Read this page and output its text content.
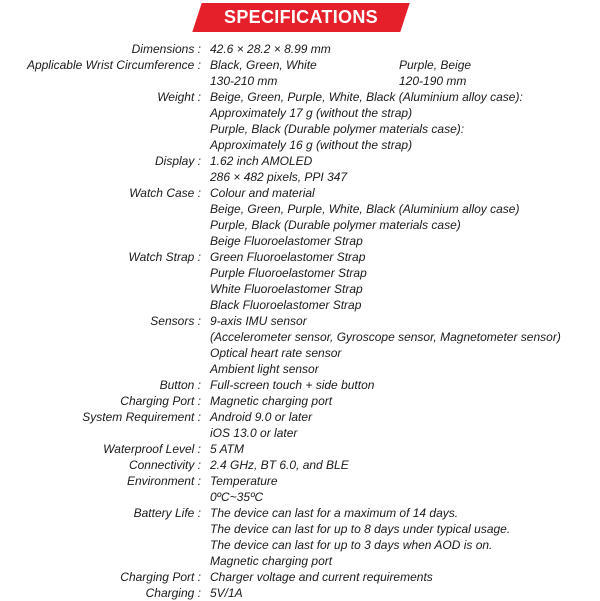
SPECIFICATIONS
Dimensions : 42.6 × 28.2 × 8.99 mm
Applicable Wrist Circumference : Black, Green, White	Purple, Beige
130-210 mm	120-190 mm
Weight : Beige, Green, Purple, White, Black (Aluminium alloy case):
Approximately 17 g (without the strap)
Purple, Black (Durable polymer materials case):
Approximately 16 g (without the strap)
Display : 1.62 inch AMOLED
286 × 482 pixels, PPI 347
Watch Case : Colour and material
Beige, Green, Purple, White, Black (Aluminium alloy case)
Purple, Black (Durable polymer materials case)
Beige Fluoroelastomer Strap
Watch Strap : Green Fluoroelastomer Strap
Purple Fluoroelastomer Strap
White Fluoroelastomer Strap
Black Fluoroelastomer Strap
Sensors : 9-axis IMU sensor
(Accelerometer sensor, Gyroscope sensor, Magnetometer sensor)
Optical heart rate sensor
Ambient light sensor
Button : Full-screen touch + side button
Charging Port : Magnetic charging port
System Requirement : Android 9.0 or later
iOS 13.0 or later
Waterproof Level : 5 ATM
Connectivity : 2.4 GHz, BT 6.0, and BLE
Environment : Temperature
0ºC~35ºC
Battery Life : The device can last for a maximum of 14 days.
The device can last for up to 8 days under typical usage.
The device can last for up to 3 days when AOD is on.
Magnetic charging port
Charging Port : Charger voltage and current requirements
Charging : 5V/1A
